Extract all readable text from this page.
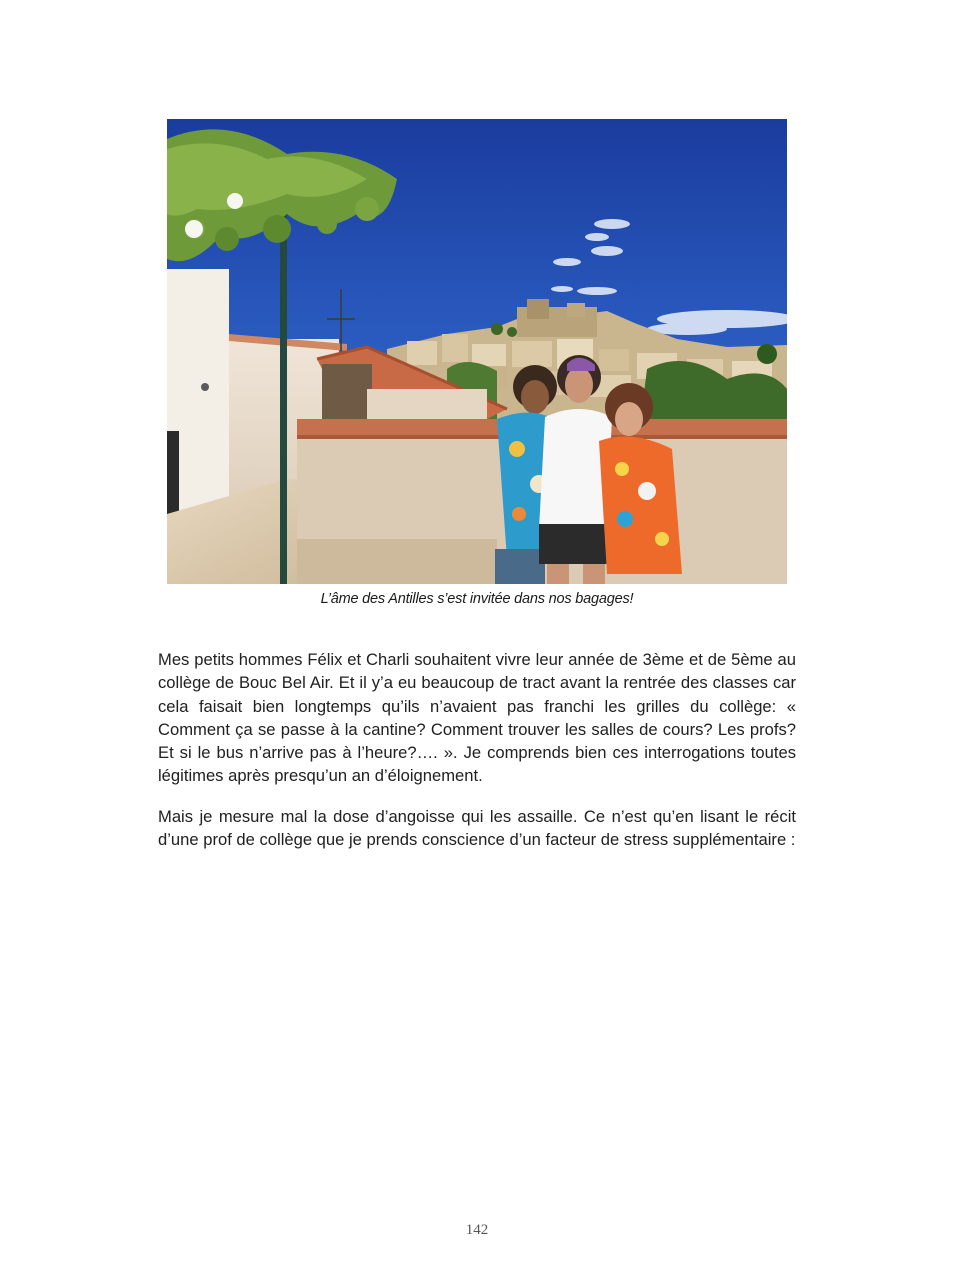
L’âme des Antilles s’est invitée dans nos bagages!

Mes petits hommes Félix et Charli souhaitent vivre leur année de 3ème et de 5ème au collège de Bouc Bel Air. Et il y’a eu beaucoup de tract avant la rentrée des classes car cela faisait bien longtemps qu’ils n’avaient pas franchi les grilles du collège: « Comment ça se passe à la cantine? Comment trouver les salles de cours? Les profs? Et si le bus n’arrive pas à l’heure?…. ». Je comprends bien ces interrogations toutes légitimes après presqu’un an d’éloignement.

Mais je mesure mal la dose d’angoisse qui les assaille. Ce n’est qu’en lisant le récit d’une prof de collège que je prends conscience d’un facteur de stress supplémentaire :

142
